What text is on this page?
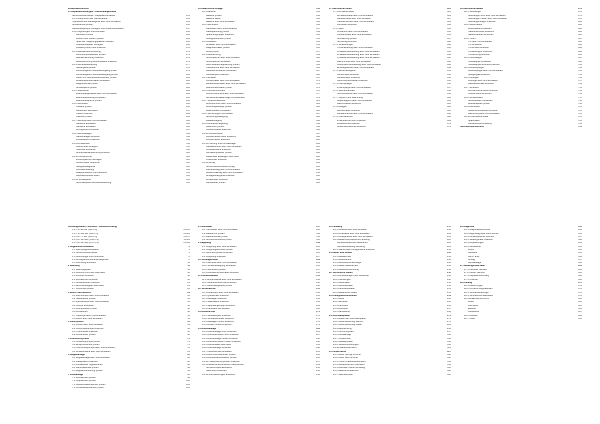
Inhaltsverzeichnis
15 Reparaturleitungen / Automatikgetriebe
Sicherheitshinweise / Reparaturhinweise	451
15.1 Überprüfen der Getriebeteile	452
Hydraulisches Steuergerät aus- und einbauen	453
Schaltventile prüfen	455
Getriebeölpumpe zerlegen und zusammenbauen	457
15.2 Kupplungen und Bremsen	460
Lamellen prüfen	462
Kolben und Federn prüfen	464
Spiel der Kupplungspakete messen	466
Planetenradsatz zerlegen	468
Freilauf prüfen und ersetzen	470
15.3 Wandlerüberbrückung	472
Drehmomentwandler prüfen	473
Wandlerdichtring ersetzen	474
Wellendichtring Antriebswelle ersetzen	475
15.4 Getriebesteuerung	477
Steuergerät prüfen	478
Drehzahlgeber Getriebeeingang prüfen	479
Drehzahlgeber Getriebeausgang prüfen	480
Geber für Getriebeöltemperatur prüfen	481
Multifunktionsschalter einstellen	482
Magnetventile prüfen	484
Schaltsperre prüfen	486
15.5 Wählhebel	488
Wählhebelgehäuse aus- und einbauen	489
Wählhebelseilzug einstellen	491
Wählhebelsperre prüfen	493
15.6 Getriebeöl	495
Ölstand prüfen	496
Getriebeöl wechseln	497
Ölsieb ersetzen	498
Ölkühler prüfen	499
15.7 Getriebe aus- und einbauen	500
Getriebe ausbauen	501
Getriebe einbauen	504
Anzugsdrehmomente	507
15.8 Getriebelager	509
Getriebelager ersetzen	510
Pendelstütze ersetzen	512
15.9 Achsantrieb	514
Differenzial zerlegen	515
Tellerrad einstellen	518
Antriebswellendichtring ersetzen	520
15.10 Fehlersuche	522
Fehlerspeicher abfragen	523
Fehlercodes Übersicht	525
Stellglieddiagnose	528
Grundeinstellung	530
Adaptionswerte zurücksetzen	531
Messwertblöcke lesen	532
15.11 Schaltpläne	534
Stromlaufplan Getriebesteuerung	535
16 Elektrische Anlage	540
16.1 Batterie	541
Batterie prüfen	542
Batterie laden	543
Batterie aus- und einbauen	544
16.2 Generator	546
Generator aus- und einbauen	547
Ladespannung prüfen	549
Spannungsregler ersetzen	550
Keilrippenriemen prüfen	551
16.3 Anlasser	553
Anlasser aus- und einbauen	554
Magnetschalter prüfen	556
Ritzel prüfen	557
16.4 Beleuchtung	559
Scheinwerfer aus- und einbauen	560
Scheinwerfer einstellen	562
Leuchtweitenregulierung prüfen	564
Heckleuchte aus- und einbauen	566
Nebelscheinwerfer einstellen	567
Glühlampen ersetzen	568
16.5 Schalter	570
Lichtschalter aus- und einbauen	571
Lenkstockschalter aus- und einbauen	572
Warnblinkschalter prüfen	574
16.6 Kombiinstrument	576
Kombiinstrument aus- und einbauen	577
Serviceintervallanzeige zurücksetzen	579
16.7 Scheibenwischer	581
Wischermotor aus- und einbauen	582
Wischergestänge prüfen	584
Waschdüsen einstellen	585
16.8 Sicherungen und Relais	587
Sicherungsbelegung	588
Relaisbelegung	590
16.9 Zentralverriegelung	592
Stellmotor prüfen	593
Funkschlüssel anlernen	595
16.10 Fensterheber	597
Fensterhebermotor ersetzen	598
Fensterheber anlernen	600
16.11 Heizung und Klimaanlage	602
Gebläsemotor aus- und einbauen	603
Vorwiderstand ersetzen	605
Klimakompressor prüfen	606
Kältemittel absaugen und füllen	608
Pollenfilter ersetzen	610
16.12 Airbag	612
Sicherheitshinweise Airbag	613
Fahrerairbag aus- und einbauen	614
Beifahrerairbag aus- und einbauen	616
Airbagsteuergerät ersetzen	618
Wickelfeder ersetzen	619
Gurtstraffer prüfen	620
17 Karosserie innen	622
17.1 Armaturentafel	623
Armaturentafel aus- und einbauen	624
Mittelkonsole aus- und einbauen	627
Handschuhfach aus- und einbauen	629
Luftdüsen ersetzen	630
17.2 Sitze	632
Vordersitz aus- und einbauen	633
Rücksitzbank aus- und einbauen	635
Sitzheizung prüfen	637
Sitzbezug ersetzen	638
17.3 Verkleidungen	640
Türverkleidung aus- und einbauen	641
A-Säulenverkleidung aus- und einbauen	643
B-Säulenverkleidung aus- und einbauen	644
C-Säulenverkleidung aus- und einbauen	645
Dachhimmel aus- und einbauen	646
Kofferraumverkleidung aus- und einbauen	648
Einstiegsleisten aus- und einbauen	649
17.4 Sicherheitsgurte	651
Gurtschloss ersetzen	652
Gurtaufroller ersetzen	653
Gurthöhenversteller ersetzen	654
17.5 Innenspiegel	656
Innenspiegel aus- und einbauen	657
17.6 Sonnenblenden	658
Sonnenblende aus- und einbauen	659
17.7 Teppich und Dämmung	660
Bodenteppich aus- und einbauen	661
Dämmmatten ersetzen	663
17.8 Ablagen	664
Becherhalter ersetzen	665
Mittelarmlehne aus- und einbauen	666
17.9 Innenleuchten	668
Innenleuchte vorn ersetzen	669
Leseleuchte ersetzen	670
Kofferraumleuchte ersetzen	671
18 Karosserie außen	673
18.1 Stoßfänger	674
Stoßfänger vorn aus- und einbauen	675
Stoßfänger hinten aus- und einbauen	678
Stoßfängerträger ersetzen	680
18.2 Motorhaube	682
Motorhaube einstellen	683
Haubenschloss ersetzen	684
Gasdruckfeder ersetzen	685
18.3 Türen	687
Tür aus- und einbauen	688
Tür einstellen	690
Türschloss ersetzen	692
Türaußengriff ersetzen	694
Türdichtung ersetzen	695
18.4 Heckklappe	697
Heckklappe einstellen	698
Heckklappenschloss ersetzen	700
18.5 Außenspiegel	702
Außenspiegel aus- und einbauen	703
Spiegelglas ersetzen	704
18.6 Kotflügel	706
Kotflügel aus- und einbauen	707
Radhausschale ersetzen	709
18.7 Scheiben	711
Windschutzscheibe ersetzen	712
Heckscheibe ersetzen	715
18.8 Schiebedach	717
Schiebedach einstellen	718
Wasserablauf prüfen	720
18.9 Zierleisten	721
Seitenschutzleisten ersetzen	722
Dachreling aus- und einbauen	723
18.10 Karosseriemaße	725
Spaltmaße	726
Karosserievermessung	728
Stichwortverzeichnis	731
Leistungsdaten / Motoren / Kennzeichnung
1.4 TSI 90 kW (122 PS)	CAXA
1.4 TSI 118 kW (160 PS)	CAVD
1.6 TDI 77 kW (105 PS)	CAYC
2.0 TDI 103 kW (140 PS)	CFFB
2.0 TDI 125 kW (170 PS)	CFGB
1 Allgemeine Hinweise	1
1.1 Fahrzeugidentifikation	2
1.2 Sicherheitshinweise	4
1.3 Werkzeuge und Hilfsmittel	6
1.4 Anzugsdrehmomente allgemein	8
1.5 Fahrzeug anheben	10
2 Wartung	13
2.1 Wartungsplan	14
2.2 Motoröl und Filter wechseln	16
2.3 Luftfilter ersetzen	18
2.4 Zündkerzen ersetzen	20
2.5 Kraftstofffilter ersetzen	22
2.6 Bremsflüssigkeit wechseln	24
2.7 Kühlmittel prüfen	26
3 Motor mechanisch	29
3.1 Zahnriemen aus- und einbauen	30
3.2 Steuerkette prüfen	35
3.3 Zylinderkopf aus- und einbauen	38
3.4 Ventile einstellen	44
3.5 Kompression prüfen	46
3.6 Kurbeltrieb	48
3.7 Ölpumpe aus- und einbauen	52
3.8 Motor aus- und einbauen	55
4 Kühlsystem	61
4.1 Kühler aus- und einbauen	62
4.2 Kühlmittelpumpe ersetzen	64
4.3 Thermostat ersetzen	66
4.4 Kühlerlüfter prüfen	68
5 Kraftstoffsystem	71
5.1 Kraftstoffpumpe prüfen	72
5.2 Einspritzventile prüfen	75
5.3 Hochdruckpumpe aus- und einbauen	78
5.4 Kraftstofftank aus- und einbauen	81
6 Abgasanlage	85
6.1 Abgasanlage aus- und einbauen	86
6.2 Katalysator ersetzen	88
6.3 Partikelfilter regenerieren	90
6.4 Lambdasonde prüfen	92
6.5 Abgasrückführung prüfen	94
7 Zündanlage	97
7.1 Zündspulen prüfen	98
7.2 Klopfsensor prüfen	100
7.3 Nockenwellensensor prüfen	102
7.4 Kurbelwellensensor prüfen	104
8 Turbolader	107
8.1 Turbolader aus- und einbauen	108
8.2 Ladedruck prüfen	112
8.3 Ladeluftkühler prüfen	114
8.4 Schubumluftventil prüfen	116
9 Kupplung	119
9.1 Kupplung aus- und einbauen	120
9.2 Kupplungsscheibe prüfen	123
9.3 Nehmerzylinder ersetzen	125
9.4 Kupplung entlüften	127
10 Schaltgetriebe	129
10.1 Getriebe aus- und einbauen	130
10.2 Schaltbetätigung einstellen	135
10.3 Getriebeöl prüfen	137
10.4 Rückfahrlichtschalter ersetzen	138
11 Antriebswellen	141
11.1 Antriebswelle aus- und einbauen	142
11.2 Gelenkschutzhülle ersetzen	145
11.3 Gleichlaufgelenk prüfen	148
12 Vorderachse	151
12.1 Federbein aus- und einbauen	152
12.2 Querlenker ersetzen	156
12.3 Radlager ersetzen	159
12.4 Stabilisator ersetzen	162
12.5 Spurstangenkopf ersetzen	164
12.6 Fahrwerk vermessen	166
13 Hinterachse	171
13.1 Stoßdämpfer ersetzen	172
13.2 Schraubenfeder ersetzen	174
13.3 Radlager hinten ersetzen	176
13.4 Lenker hinten ersetzen	179
14 Bremsanlage	183
14.1 Bremsbeläge vorn ersetzen	184
14.2 Bremsscheiben vorn ersetzen	187
14.3 Bremsbeläge hinten ersetzen	190
14.4 Bremsscheiben hinten ersetzen	193
14.5 Bremssattel überholen	195
14.6 Bremsanlage entlüften	198
14.7 Handbremse einstellen	201
14.8 ABS Drehzahlfühler prüfen	203
14.9 Bremskraftverstärker prüfen	205
14.10 Hauptbremszylinder ersetzen	207
14.11 Elektromechanische Parkbremse	209
Servicemodus aktivieren	210
Stellmotor ersetzen	212
14.12 Bremsleitungen ersetzen	214
20 Lenkung	217
20.1 Lenkrad aus- und einbauen	218
20.2 Lenksäule aus- und einbauen	220
20.3 Lenkgetriebe aus- und einbauen	223
20.4 Elektromechanische Lenkung	226
Lenkwinkelsensor kalibrieren	228
Grundeinstellung Lenkung	229
20.5 Manschette Lenkgetriebe ersetzen	231
21 Räder und Reifen	233
21.1 Radwechsel	234
21.2 Reifendruck	236
21.3 Reifenkontrollanzeige	238
21.4 Räder auswuchten	240
21.5 Reifenbezeichnung	242
22 Technische Daten	245
22.1 Abmessungen und Gewichte	246
22.2 Füllmengen	248
22.3 Motordaten	250
22.4 Getriebedaten	252
22.5 Fahrwerksdaten	254
22.6 Elektrische Daten	256
23 Anzugsdrehmomente	259
23.1 Motor	260
23.2 Getriebe	263
23.3 Fahrwerk	265
23.4 Bremsen	267
23.5 Karosserie	268
24 Stromlaufpläne	271
24.1 Lesen der Stromlaufpläne	272
24.2 Motorsteuerung Benzin	275
24.3 Motorsteuerung Diesel	282
24.4 Beleuchtung	290
24.5 Komfortsystem	297
24.6 Klimaanlage	304
24.7 Infotainment	310
24.8 Massepunkte	316
24.9 Steckverbindungen	318
24.10 Bauteilübersicht	322
25 Fehlersuche	327
25.1 Motor springt nicht an	328
25.2 Motor läuft unrund	330
25.3 Hoher Kraftstoffverbrauch	332
25.4 Geräusche am Fahrwerk	334
25.5 Bremsen ziehen einseitig	336
25.6 Batterie entlädt sich	338
25.7 Warnleuchten	340
26 Diagnose	343
26.1 Diagnoseanschluss	344
26.2 Eigendiagnose durchführen	345
26.3 Fehlerspeicher löschen	347
26.4 Steuergeräte codieren	348
26.5 Anpassungen	350
26.6 Messwerte	352
Motor	353
Getriebe	355
ABS / ESP	356
Airbag	357
Klimaanlage	358
27 Wartungsintervalle	361
27.1 Flexibler Service	362
27.2 Fester Service	364
27.3 Inspektionsumfang	366
27.4 Ölsorten	368
28 Anhang	371
28.1 Abkürzungen	372
28.2 Umrechnungstabellen	374
28.3 Sonderwerkzeuge	376
28.4 Verbrauchsmaterialien	378
28.5 Ersatzteilnummern	380
Motor	381
Fahrwerk	383
Elektrik	385
Karosserie	387
28.6 Glossar	389
28.7 Index	393
